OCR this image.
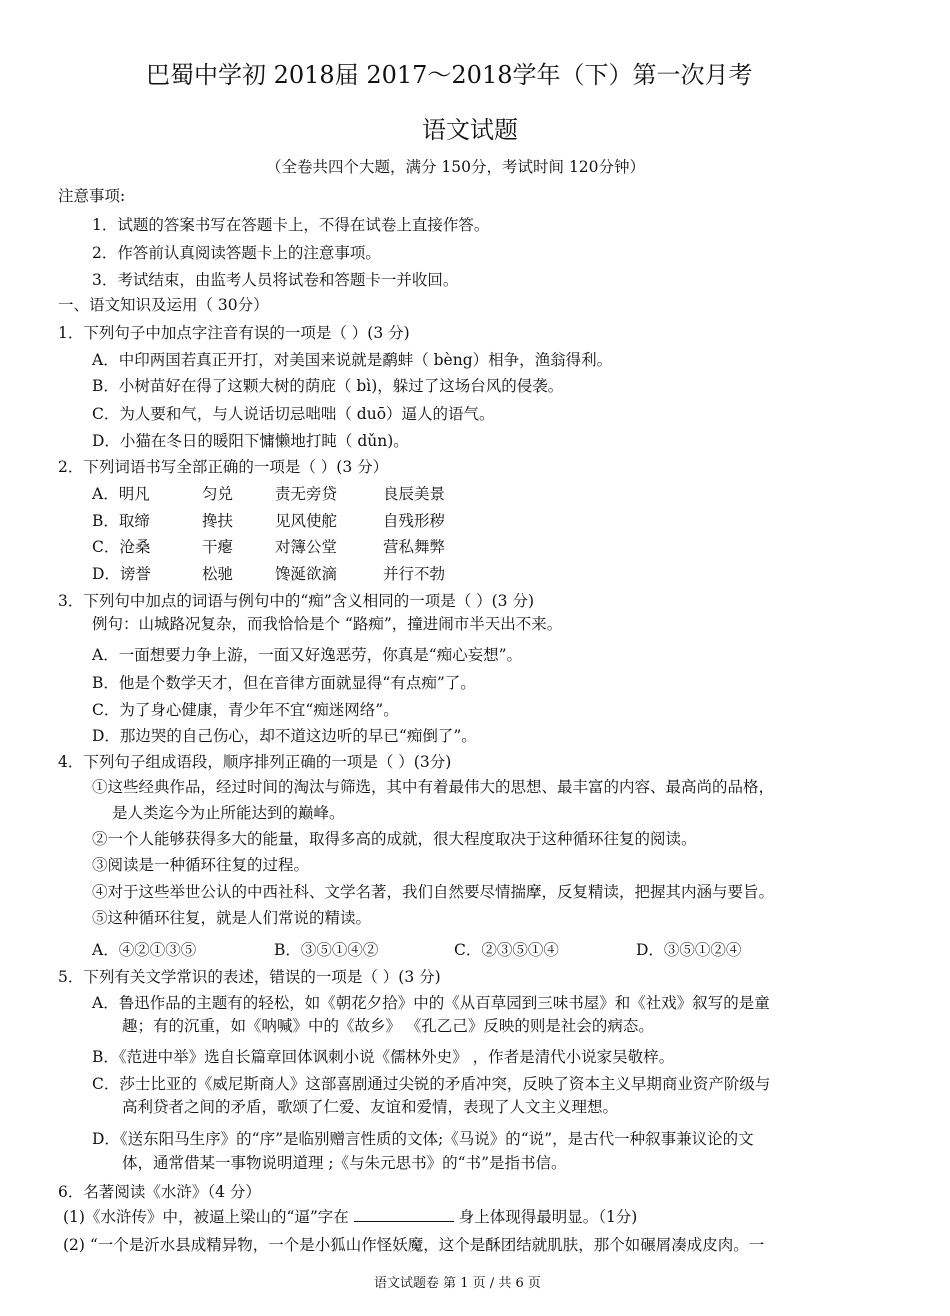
巴蜀中学初 2018届 2017～2018学年（下）第一次月考
语文试题
（全卷共四个大题，满分 150分，考试时间 120分钟）
注意事项:
1．试题的答案书写在答题卡上，不得在试卷上直接作答。
2．作答前认真阅读答题卡上的注意事项。
3．考试结束，由监考人员将试卷和答题卡一并收回。
一、语文知识及运用（ 30分）
1．下列句子中加点字注音有误的一项是（ ）(3 分)
A．中印两国若真正开打，对美国来说就是鹬蚌（ bèng）相争，渔翁得利。
B．小树苗好在得了这颗大树的荫庇（ bì)，躲过了这场台风的侵袭。
C．为人要和气，与人说话切忌咄咄（ duō）逼人的语气。
D．小猫在冬日的暖阳下慵懒地打盹（ dǔn)。
2．下列词语书写全部正确的一项是（ ）(3 分）
A．明凡	匀兑	责无旁贷	良辰美景
B．取缔	搀扶	见风使舵	自残形秽
C．沧桑	干瘪	对簿公堂	营私舞弊
D．谤誉	松驰	馋涎欲滴	并行不勃
3．下列句中加点的词语与例句中的“痴”含义相同的一项是（ ）(3 分)
例句：山城路况复杂，而我恰恰是个 “路痴”，撞进闹市半天出不来。
A．一面想要力争上游，一面又好逸恶劳，你真是“痴心妄想”。
B．他是个数学天才，但在音律方面就显得“有点痴”了。
C．为了身心健康，青少年不宜“痴迷网络”。
D．那边哭的自己伤心，却不道这边听的早已“痴倒了”。
4．下列句子组成语段，顺序排列正确的一项是（ ）(3分)
①这些经典作品，经过时间的淘汰与筛选，其中有着最伟大的思想、最丰富的内容、最高尚的品格，
是人类迄今为止所能达到的巅峰。
②一个人能够获得多大的能量，取得多高的成就，很大程度取决于这种循环往复的阅读。
③阅读是一种循环往复的过程。
④对于这些举世公认的中西社科、文学名著，我们自然要尽情揣摩，反复精读，把握其内涵与要旨。
⑤这种循环往复，就是人们常说的精读。
A．④②①③⑤	B．③⑤①④②	C．②③⑤①④	D．③⑤①②④
5．下列有关文学常识的表述，错误的一项是（ ）(3 分)
A．鲁迅作品的主题有的轻松，如《朝花夕拾》中的《从百草园到三味书屋》和《社戏》叙写的是童
趣；有的沉重，如《呐喊》中的《故乡》 《孔乙己》反映的则是社会的病态。
B．《范进中举》选自长篇章回体讽刺小说《儒林外史》 ，作者是清代小说家吴敬梓。
C．莎士比亚的《威尼斯商人》这部喜剧通过尖锐的矛盾冲突，反映了资本主义早期商业资产阶级与
高利贷者之间的矛盾，歌颂了仁爱、友谊和爱情，表现了人文主义理想。
D．《送东阳马生序》的“序”是临别赠言性质的文体;《马说》的“说”，是古代一种叙事兼议论的文
体，通常借某一事物说明道理 ;《与朱元思书》的“书”是指书信。
6．名著阅读《水浒》（4 分）
(1)《水浒传》中，被逼上梁山的“逼”字在	身上体现得最明显。（1分)
(2) “一个是沂水县成精异物，一个是小狐山作怪妖魔，这个是酥团结就肌肤，那个如碾屑凑成皮肉。一
语文试题卷 第 1 页 / 共 6 页
